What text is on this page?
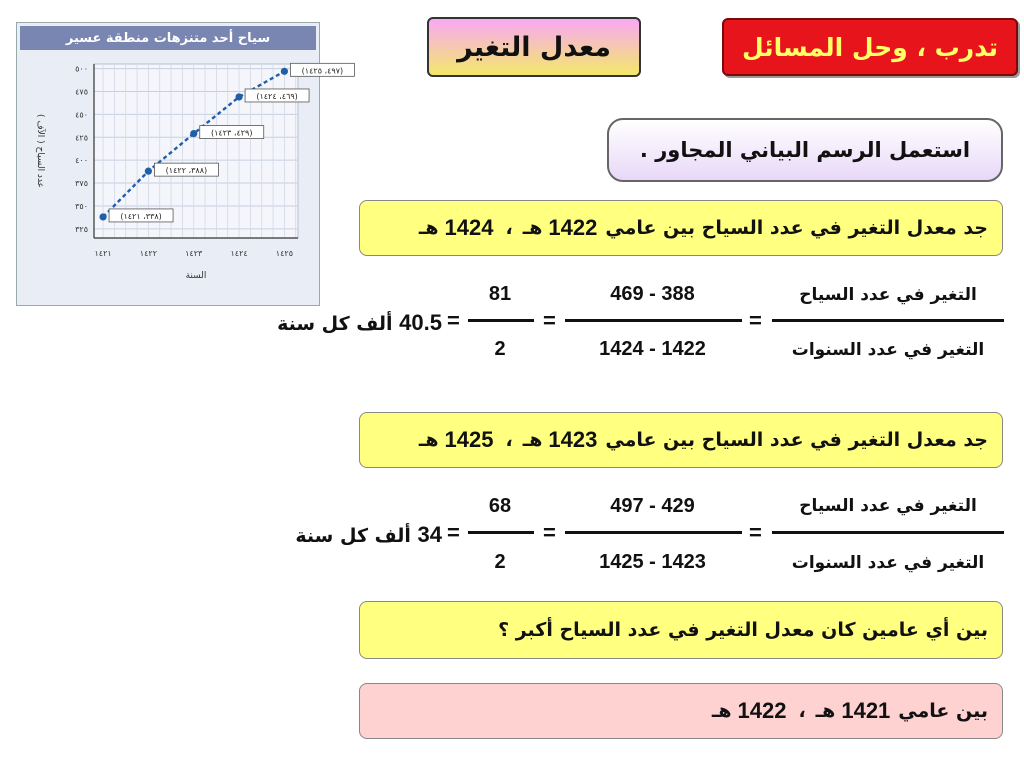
تدرب ، وحل المسائل
معدل التغير
سياح أحد متنزهات منطقة عسير
٣٢٥
٣٥٠
٣٧٥
٤٠٠
٤٢٥
٤٥٠
٤٧٥
٥٠٠
١٤٢١	١٤٢٢	١٤٢٣	١٤٢٤	١٤٢٥
السنة
عدد السياح ( الآف )
(٣٣٨، ١٤٢١)
(٣٨٨، ١٤٢٢)
(٤٢٩، ١٤٢٣)
(٤٦٩، ١٤٢٤)
(٤٩٧، ١٤٢٥)
استعمل الرسم البياني المجاور .
جد معدل التغير في عدد السياح بين عامي
1422
هـ
،
1424
هـ
التغير في عدد السياح
التغير في عدد السنوات
=
469 - 388
1424 - 1422
=
81
2
=
40.5 ألف كل سنة
جد معدل التغير في عدد السياح بين عامي
1423
هـ
،
1425
هـ
التغير في عدد السياح
التغير في عدد السنوات
=
497 - 429
1425 - 1423
=
68
2
=
34 ألف كل سنة
بين أي عامين كان معدل التغير في عدد السياح أكبر ؟
بين عامي
1421
هـ
،
1422
هـ
